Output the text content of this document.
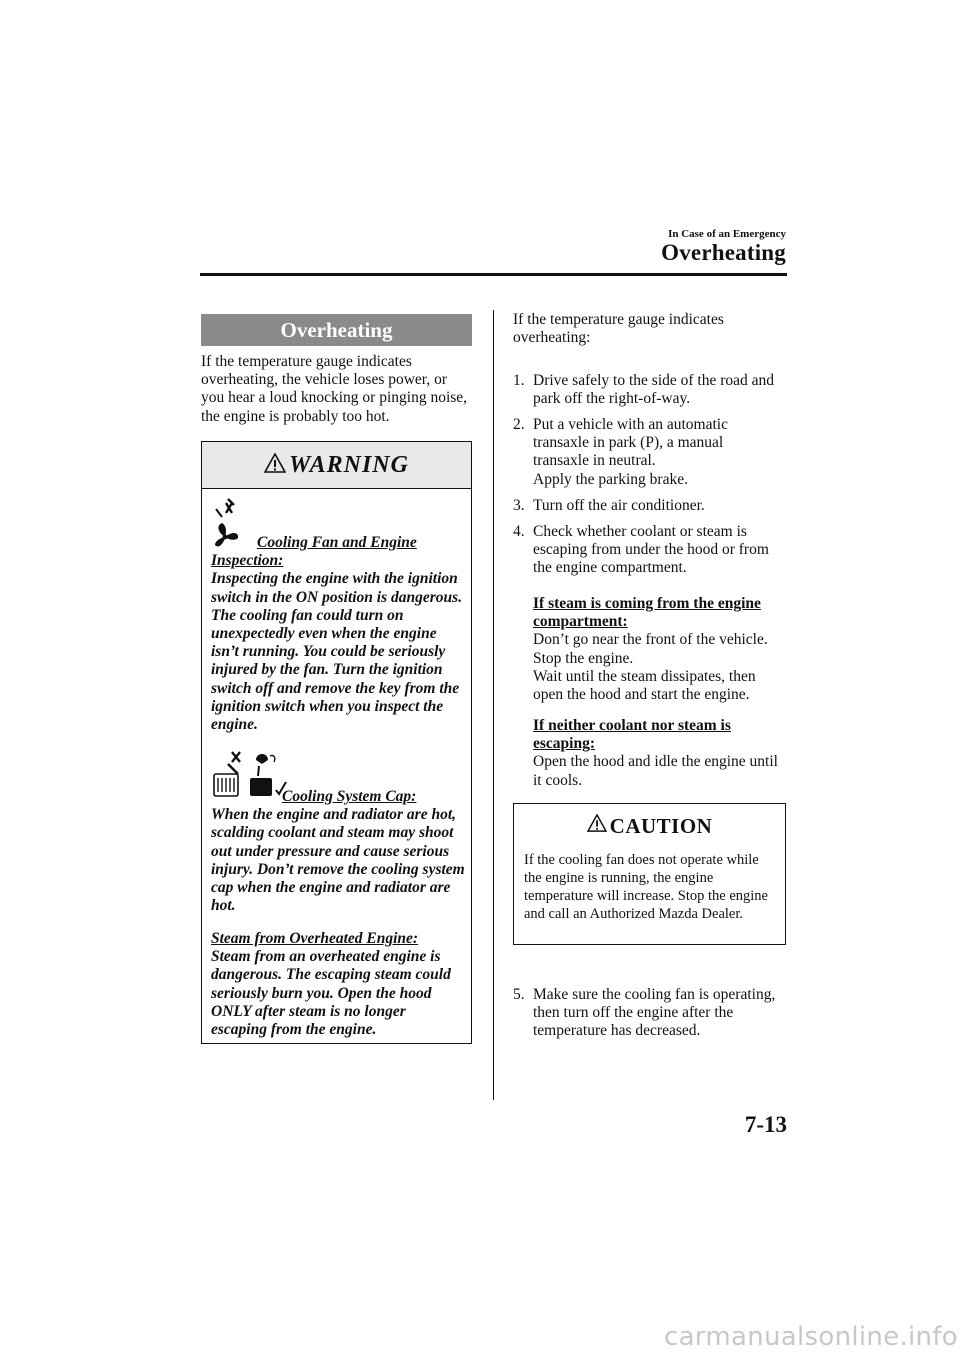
In Case of an Emergency
Overheating
Overheating
If the temperature gauge indicates overheating, the vehicle loses power, or you hear a loud knocking or pinging noise, the engine is probably too hot.
WARNING
Cooling Fan and Engine
Inspection:
Inspecting the engine with the ignition switch in the ON position is dangerous. The cooling fan could turn on unexpectedly even when the engine isn’t running. You could be seriously injured by the fan. Turn the ignition switch off and remove the key from the ignition switch when you inspect the engine.
Cooling System Cap:
When the engine and radiator are hot, scalding coolant and steam may shoot out under pressure and cause serious injury. Don’t remove the cooling system cap when the engine and radiator are hot.
Steam from Overheated Engine:
Steam from an overheated engine is dangerous. The escaping steam could seriously burn you. Open the hood ONLY after steam is no longer escaping from the engine.
If the temperature gauge indicates overheating:
1. Drive safely to the side of the road and park off the right-of-way.
2. Put a vehicle with an automatic transaxle in park (P), a manual transaxle in neutral.
Apply the parking brake.
3. Turn off the air conditioner.
4. Check whether coolant or steam is escaping from under the hood or from the engine compartment.
If steam is coming from the engine compartment:
Don’t go near the front of the vehicle.
Stop the engine.
Wait until the steam dissipates, then open the hood and start the engine.
If neither coolant nor steam is escaping:
Open the hood and idle the engine until it cools.
5. Make sure the cooling fan is operating, then turn off the engine after the temperature has decreased.
CAUTION
If the cooling fan does not operate while the engine is running, the engine temperature will increase. Stop the engine and call an Authorized Mazda Dealer.
7-13
carmanualsonline.info
